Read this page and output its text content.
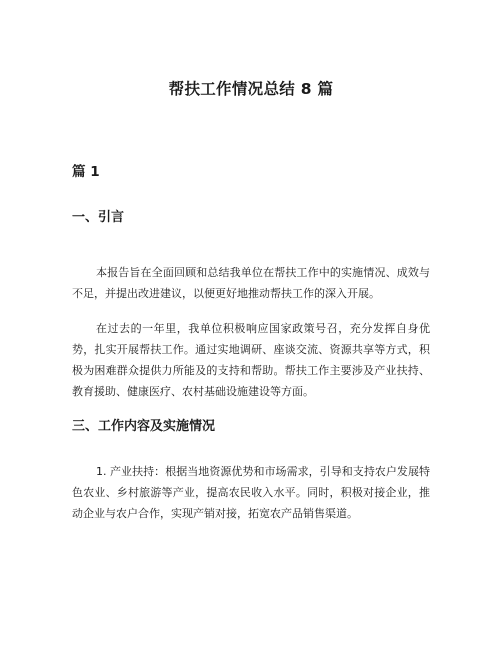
帮扶工作情况总结 8 篇
篇 1
一、引言

本报告旨在全面回顾和总结我单位在帮扶工作中的实施情况、成效与不足，并提出改进建议，以便更好地推动帮扶工作的深入开展。

在过去的一年里，我单位积极响应国家政策号召，充分发挥自身优势，扎实开展帮扶工作。通过实地调研、座谈交流、资源共享等方式，积极为困难群众提供力所能及的支持和帮助。帮扶工作主要涉及产业扶持、教育援助、健康医疗、农村基础设施建设等方面。

三、工作内容及实施情况

1. 产业扶持：根据当地资源优势和市场需求，引导和支持农户发展特色农业、乡村旅游等产业，提高农民收入水平。同时，积极对接企业，推动企业与农户合作，实现产销对接，拓宽农产品销售渠道。
